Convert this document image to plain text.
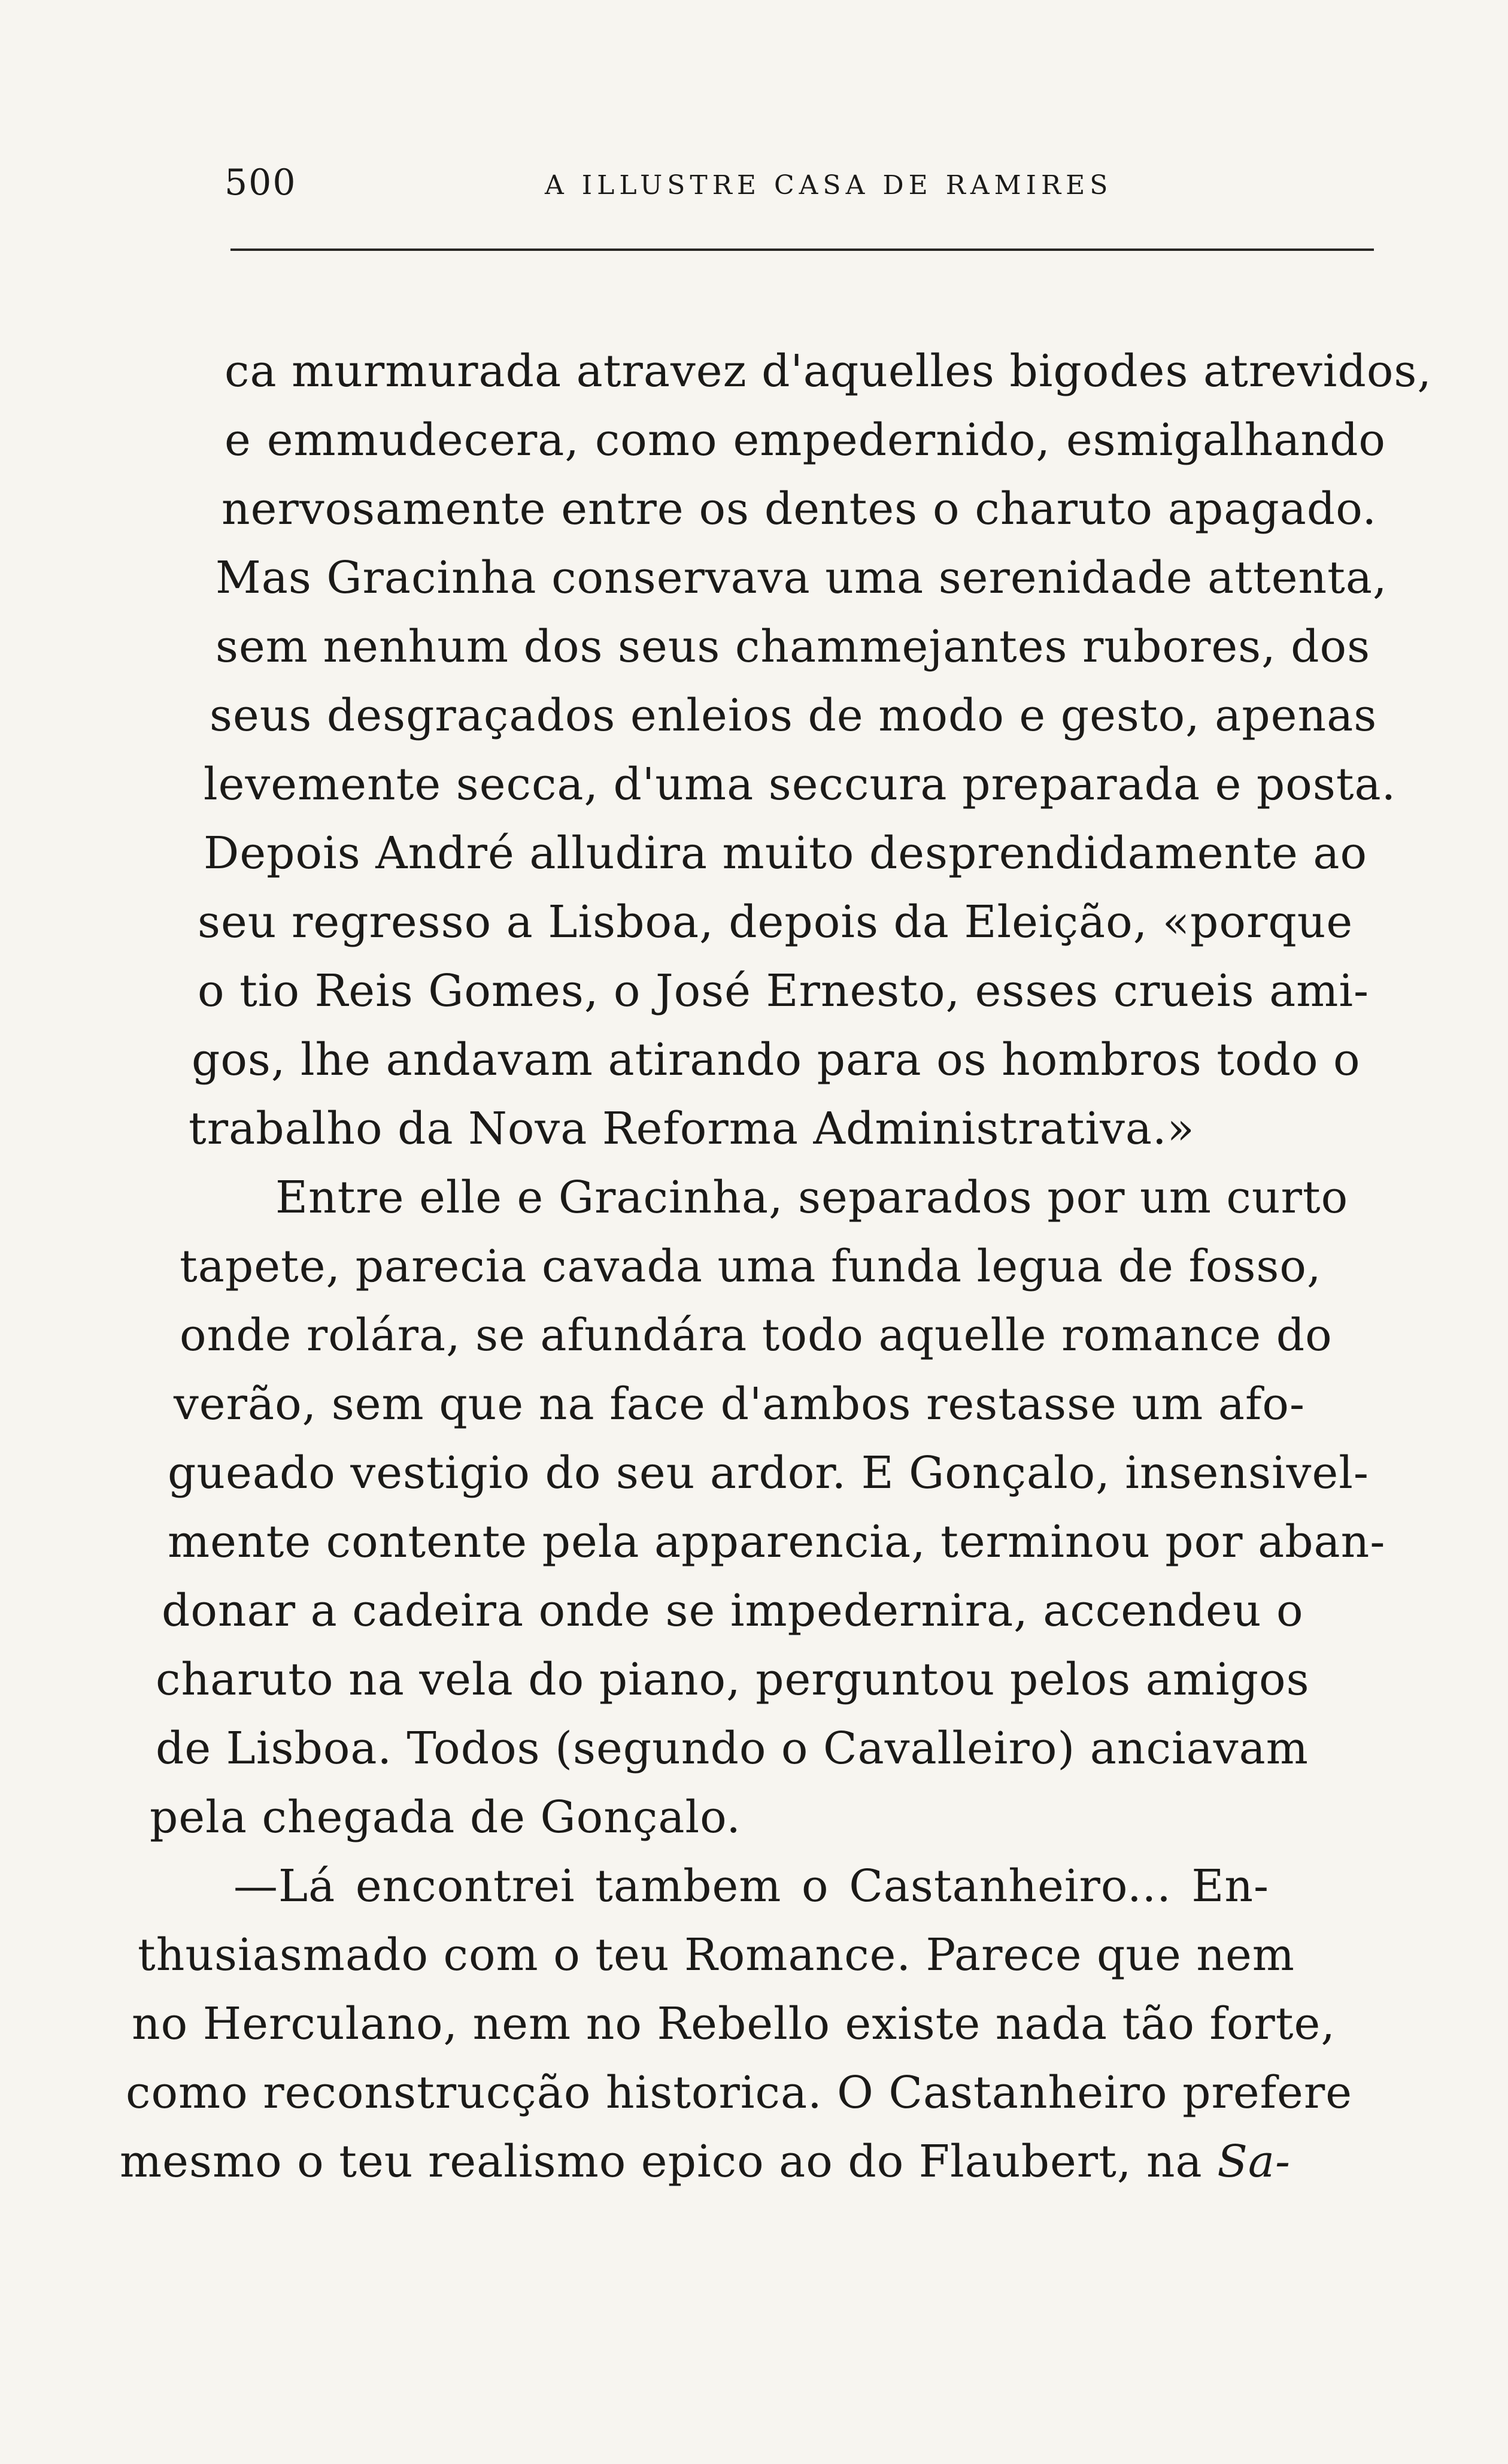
500	A ILLUSTRE CASA DE RAMIRES
ca murmurada atravez d'aquelles bigodes atrevidos,
e emmudecera, como empedernido, esmigalhando
nervosamente entre os dentes o charuto apagado.
Mas Gracinha conservava uma serenidade attenta,
sem nenhum dos seus chammejantes rubores, dos
seus desgraçados enleios de modo e gesto, apenas
levemente secca, d'uma seccura preparada e posta.
Depois André alludira muito desprendidamente ao
seu regresso a Lisboa, depois da Eleição, «porque
o tio Reis Gomes, o José Ernesto, esses crueis ami-
gos, lhe andavam atirando para os hombros todo o
trabalho da Nova Reforma Administrativa.»
Entre elle e Gracinha, separados por um curto
tapete, parecia cavada uma funda legua de fosso,
onde rolára, se afundára todo aquelle romance do
verão, sem que na face d'ambos restasse um afo-
gueado vestigio do seu ardor. E Gonçalo, insensivel-
mente contente pela apparencia, terminou por aban-
donar a cadeira onde se impedernira, accendeu o
charuto na vela do piano, perguntou pelos amigos
de Lisboa. Todos (segundo o Cavalleiro) anciavam
pela chegada de Gonçalo.
—Lá encontrei tambem o Castanheiro... En-
thusiasmado com o teu Romance. Parece que nem
no Herculano, nem no Rebello existe nada tão forte,
como reconstrucção historica. O Castanheiro prefere
mesmo o teu realismo epico ao do Flaubert, na Sa-
